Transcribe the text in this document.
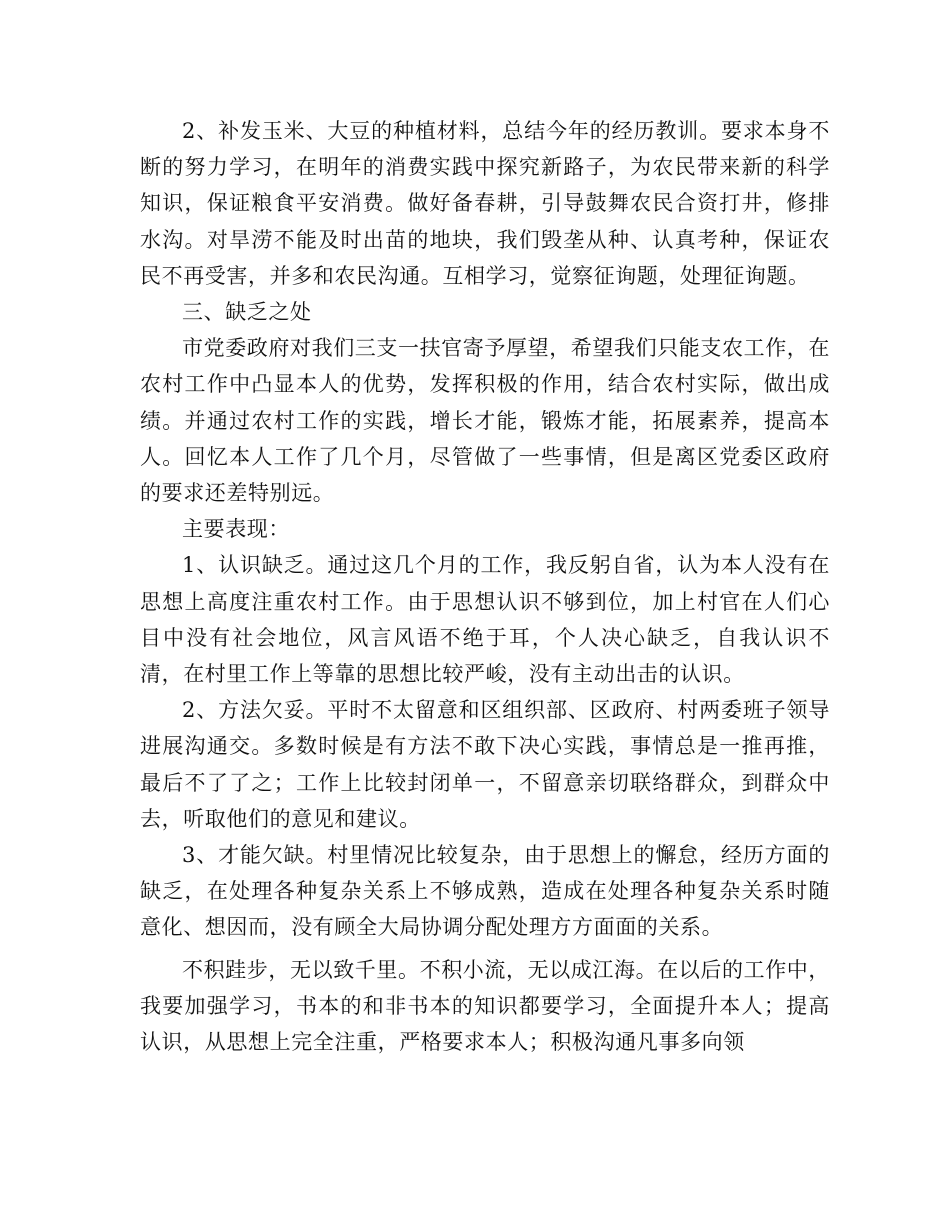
2、补发玉米、大豆的种植材料，总结今年的经历教训。要求本身不断的努力学习，在明年的消费实践中探究新路子，为农民带来新的科学知识，保证粮食平安消费。做好备春耕，引导鼓舞农民合资打井，修排水沟。对旱涝不能及时出苗的地块，我们毁垄从种、认真考种，保证农民不再受害，并多和农民沟通。互相学习，觉察征询题，处理征询题。

三、缺乏之处

市党委政府对我们三支一扶官寄予厚望，希望我们只能支农工作，在农村工作中凸显本人的优势，发挥积极的作用，结合农村实际，做出成绩。并通过农村工作的实践，增长才能，锻炼才能，拓展素养，提高本人。回忆本人工作了几个月，尽管做了一些事情，但是离区党委区政府的要求还差特别远。

主要表现：

1、认识缺乏。通过这几个月的工作，我反躬自省，认为本人没有在思想上高度注重农村工作。由于思想认识不够到位，加上村官在人们心目中没有社会地位，风言风语不绝于耳，个人决心缺乏，自我认识不清，在村里工作上等靠的思想比较严峻，没有主动出击的认识。

2、方法欠妥。平时不太留意和区组织部、区政府、村两委班子领导进展沟通交。多数时候是有方法不敢下决心实践，事情总是一推再推，最后不了了之；工作上比较封闭单一，不留意亲切联络群众，到群众中去，听取他们的意见和建议。

3、才能欠缺。村里情况比较复杂，由于思想上的懈怠，经历方面的缺乏，在处理各种复杂关系上不够成熟，造成在处理各种复杂关系时随意化、想因而，没有顾全大局协调分配处理方方面面的关系。

不积跬步，无以致千里。不积小流，无以成江海。在以后的工作中，我要加强学习，书本的和非书本的知识都要学习，全面提升本人；提高认识，从思想上完全注重，严格要求本人；积极沟通凡事多向领
